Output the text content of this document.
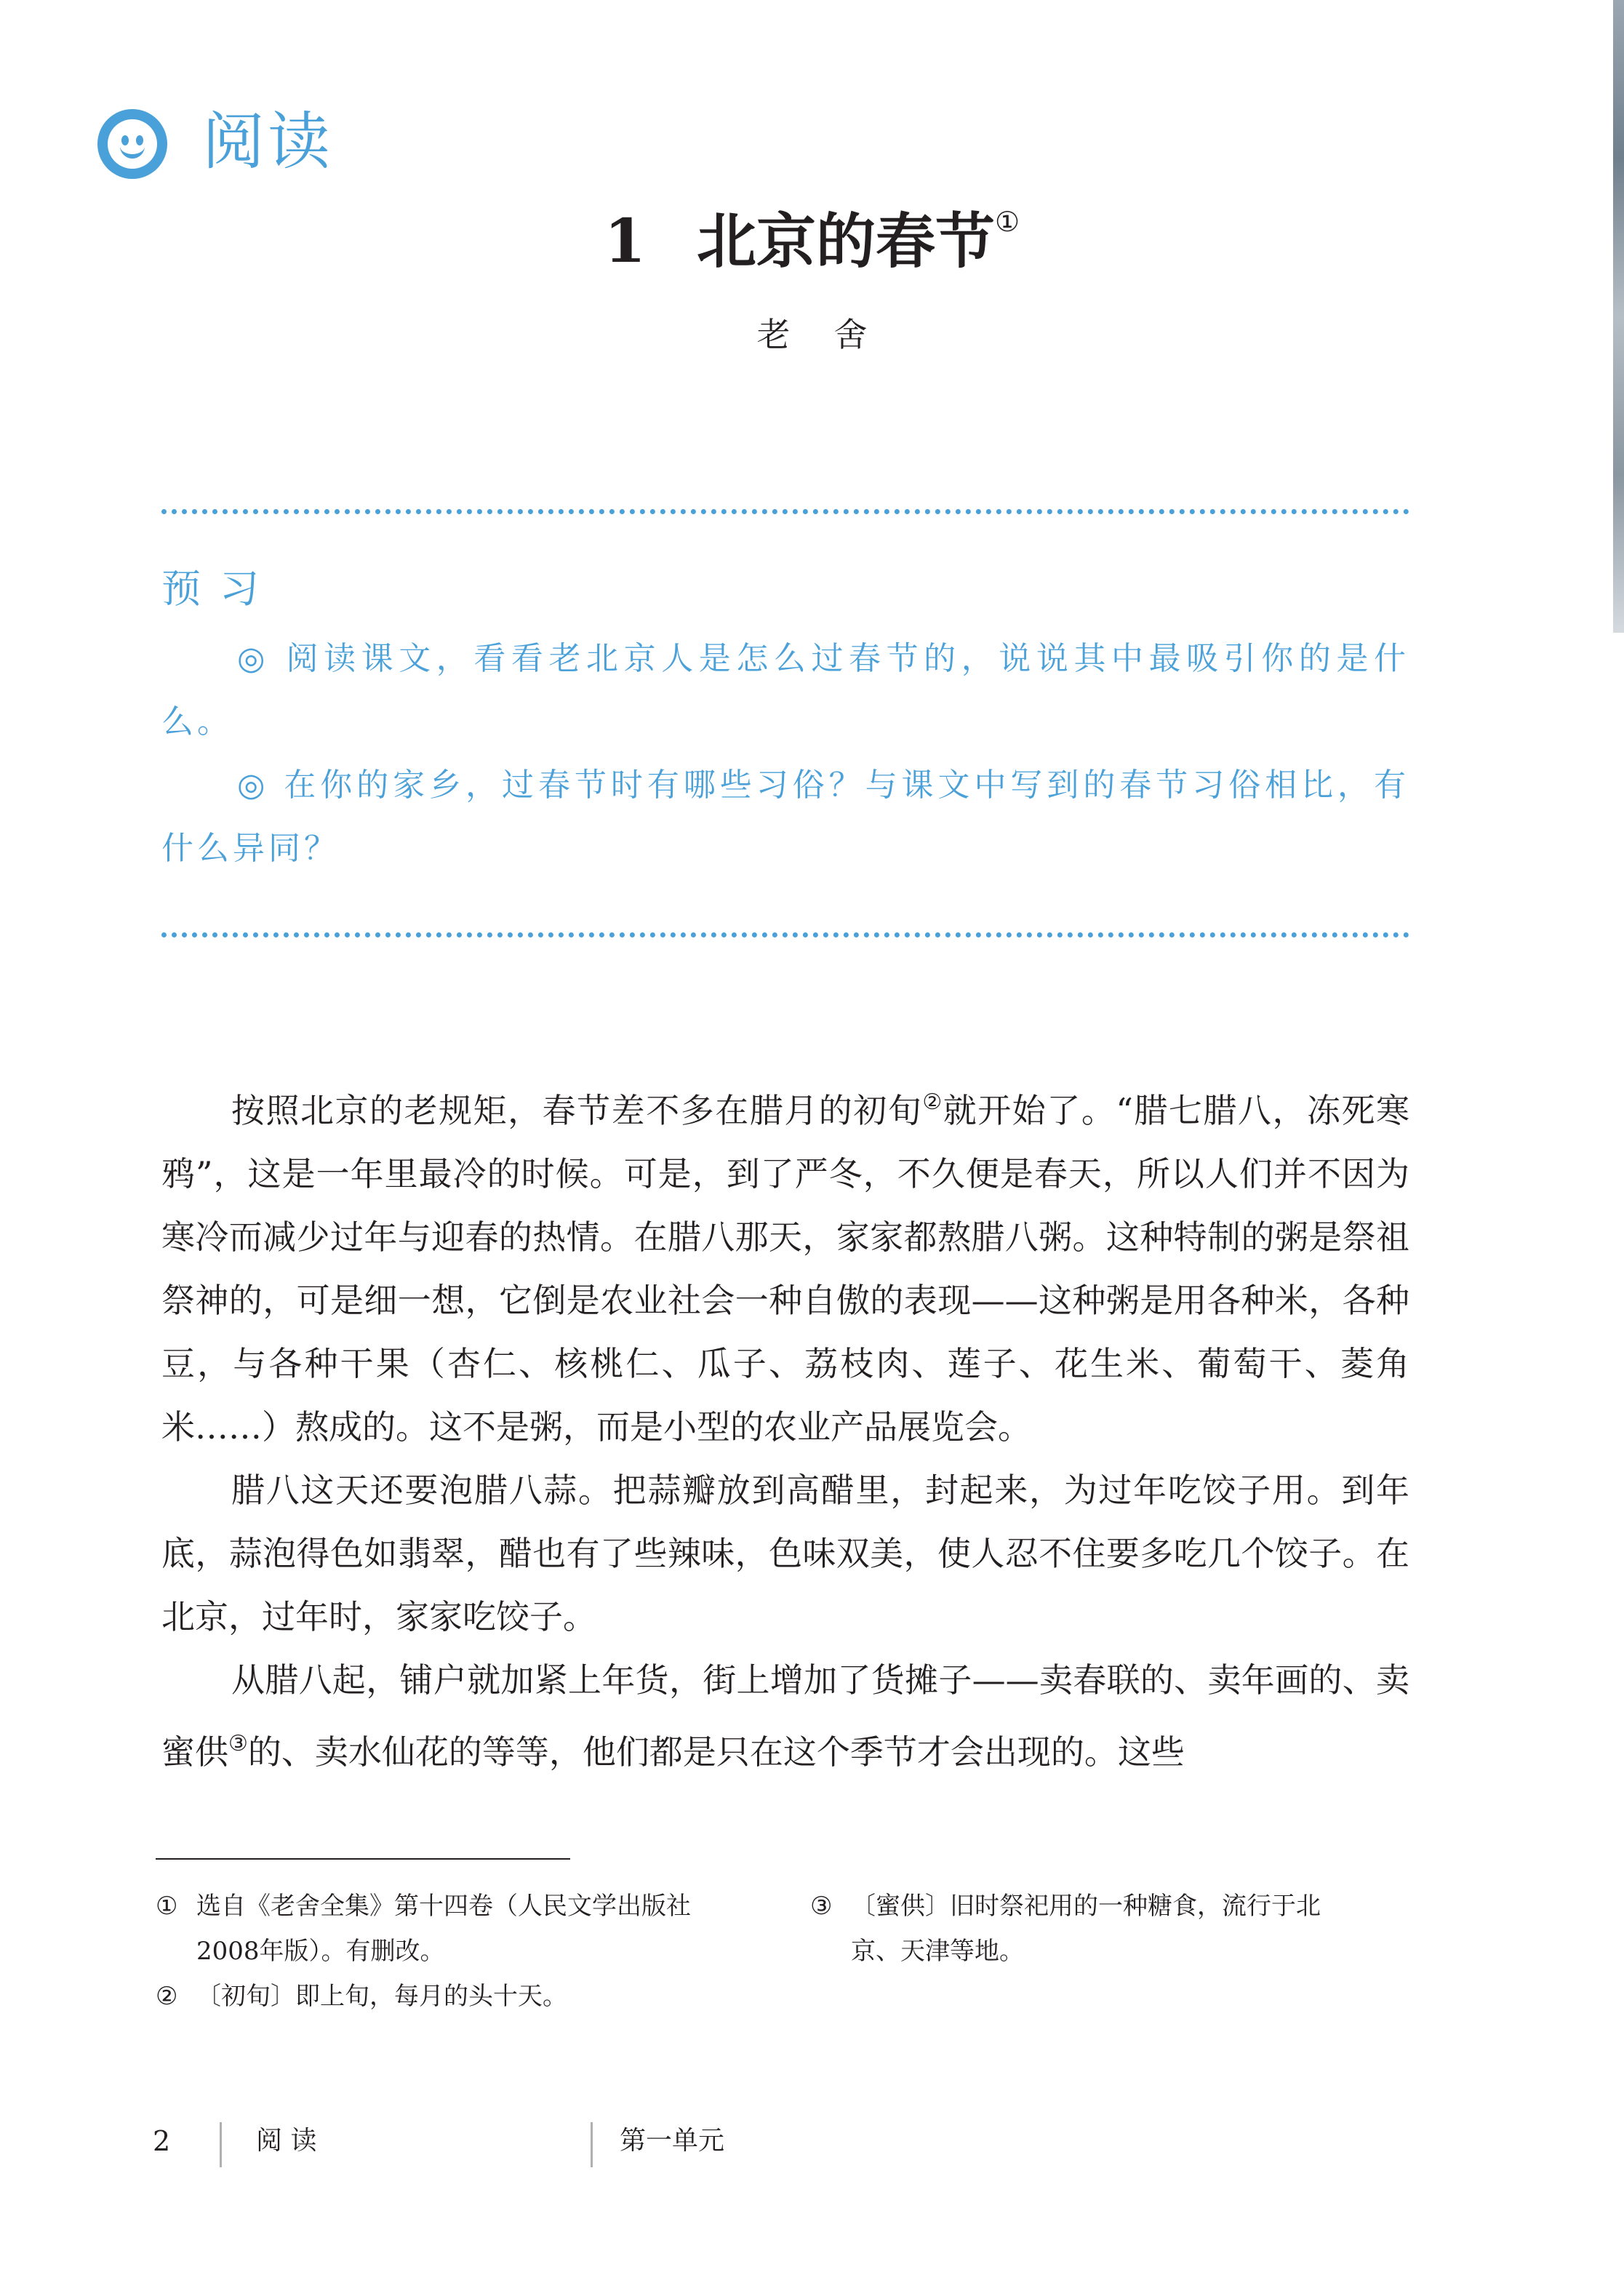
阅读
1 北京的春节①
老舍
预习

◎ 阅读课文，看看老北京人是怎么过春节的，说说其中最吸引你的是什么。

◎ 在你的家乡，过春节时有哪些习俗？与课文中写到的春节习俗相比，有什么异同？

按照北京的老规矩，春节差不多在腊月的初旬②就开始了。“腊七腊八，冻死寒鸦”，这是一年里最冷的时候。可是，到了严冬，不久便是春天，所以人们并不因为寒冷而减少过年与迎春的热情。在腊八那天，家家都熬腊八粥。这种特制的粥是祭祖祭神的，可是细一想，它倒是农业社会一种自傲的表现——这种粥是用各种米，各种豆，与各种干果（杏仁、核桃仁、瓜子、荔枝肉、莲子、花生米、葡萄干、菱角米……）熬成的。这不是粥，而是小型的农业产品展览会。

腊八这天还要泡腊八蒜。把蒜瓣放到高醋里，封起来，为过年吃饺子用。到年底，蒜泡得色如翡翠，醋也有了些辣味，色味双美，使人忍不住要多吃几个饺子。在北京，过年时，家家吃饺子。

从腊八起，铺户就加紧上年货，街上增加了货摊子——卖春联的、卖年画的、卖蜜供③的、卖水仙花的等等，他们都是只在这个季节才会出现的。这些

① 选自《老舍全集》第十四卷（人民文学出版社
2008年版）。有删改。
② 〔初旬〕即上旬，每月的头十天。
③ 〔蜜供〕旧时祭祀用的一种糖食，流行于北
京、天津等地。
2	阅 读	第一单元
